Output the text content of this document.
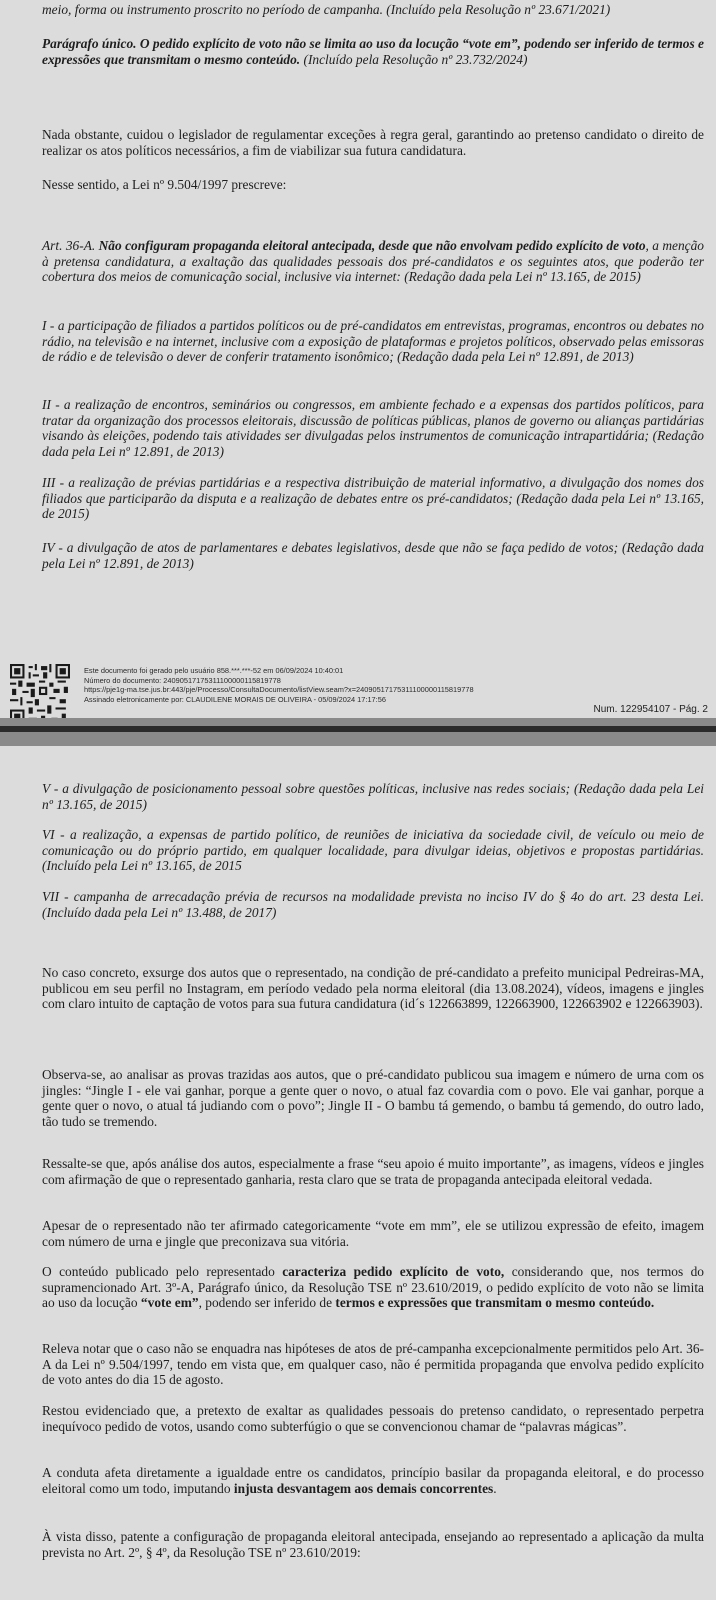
meio, forma ou instrumento proscrito no período de campanha. (Incluído pela Resolução nº 23.671/2021)

Parágrafo único. O pedido explícito de voto não se limita ao uso da locução “vote em”, podendo ser inferido de termos e expressões que transmitam o mesmo conteúdo. (Incluído pela Resolução nº 23.732/2024)

Nada obstante, cuidou o legislador de regulamentar exceções à regra geral, garantindo ao pretenso candidato o direito de realizar os atos políticos necessários, a fim de viabilizar sua futura candidatura.

Nesse sentido, a Lei nº 9.504/1997 prescreve:

Art. 36-A. Não configuram propaganda eleitoral antecipada, desde que não envolvam pedido explícito de voto, a menção à pretensa candidatura, a exaltação das qualidades pessoais dos pré-candidatos e os seguintes atos, que poderão ter cobertura dos meios de comunicação social, inclusive via internet: (Redação dada pela Lei nº 13.165, de 2015)

I - a participação de filiados a partidos políticos ou de pré-candidatos em entrevistas, programas, encontros ou debates no rádio, na televisão e na internet, inclusive com a exposição de plataformas e projetos políticos, observado pelas emissoras de rádio e de televisão o dever de conferir tratamento isonômico; (Redação dada pela Lei nº 12.891, de 2013)

II - a realização de encontros, seminários ou congressos, em ambiente fechado e a expensas dos partidos políticos, para tratar da organização dos processos eleitorais, discussão de políticas públicas, planos de governo ou alianças partidárias visando às eleições, podendo tais atividades ser divulgadas pelos instrumentos de comunicação intrapartidária; (Redação dada pela Lei nº 12.891, de 2013)

III - a realização de prévias partidárias e a respectiva distribuição de material informativo, a divulgação dos nomes dos filiados que participarão da disputa e a realização de debates entre os pré-candidatos; (Redação dada pela Lei nº 13.165, de 2015)

IV - a divulgação de atos de parlamentares e debates legislativos, desde que não se faça pedido de votos; (Redação dada pela Lei nº 12.891, de 2013)

Este documento foi gerado pelo usuário 858.***.***-52 em 06/09/2024 10:40:01
Número do documento: 24090517175311100000115819778
https://pje1g-ma.tse.jus.br:443/pje/Processo/ConsultaDocumento/listView.seam?x=24090517175311100000115819778
Assinado eletronicamente por: CLAUDILENE MORAIS DE OLIVEIRA - 05/09/2024 17:17:56
Num. 122954107 - Pág. 2

V - a divulgação de posicionamento pessoal sobre questões políticas, inclusive nas redes sociais; (Redação dada pela Lei nº 13.165, de 2015)

VI - a realização, a expensas de partido político, de reuniões de iniciativa da sociedade civil, de veículo ou meio de comunicação ou do próprio partido, em qualquer localidade, para divulgar ideias, objetivos e propostas partidárias. (Incluído pela Lei nº 13.165, de 2015

VII - campanha de arrecadação prévia de recursos na modalidade prevista no inciso IV do § 4o do art. 23 desta Lei. (Incluído dada pela Lei nº 13.488, de 2017)

No caso concreto, exsurge dos autos que o representado, na condição de pré-candidato a prefeito municipal Pedreiras-MA, publicou em seu perfil no Instagram, em período vedado pela norma eleitoral (dia 13.08.2024), vídeos, imagens e jingles com claro intuito de captação de votos para sua futura candidatura (id´s 122663899, 122663900, 122663902 e 122663903).

Observa-se, ao analisar as provas trazidas aos autos, que o pré-candidato publicou sua imagem e número de urna com os jingles: “Jingle I - ele vai ganhar, porque a gente quer o novo, o atual faz covardia com o povo. Ele vai ganhar, porque a gente quer o novo, o atual tá judiando com o povo”; Jingle II - O bambu tá gemendo, o bambu tá gemendo, do outro lado, tão tudo se tremendo.

Ressalte-se que, após análise dos autos, especialmente a frase “seu apoio é muito importante”, as imagens, vídeos e jingles com afirmação de que o representado ganharia, resta claro que se trata de propaganda antecipada eleitoral vedada.

Apesar de o representado não ter afirmado categoricamente “vote em mm”, ele se utilizou expressão de efeito, imagem com número de urna e jingle que preconizava sua vitória.

O conteúdo publicado pelo representado caracteriza pedido explícito de voto, considerando que, nos termos do supramencionado Art. 3º-A, Parágrafo único, da Resolução TSE nº 23.610/2019, o pedido explícito de voto não se limita ao uso da locução “vote em”, podendo ser inferido de termos e expressões que transmitam o mesmo conteúdo.

Releva notar que o caso não se enquadra nas hipóteses de atos de pré-campanha excepcionalmente permitidos pelo Art. 36-A da Lei nº 9.504/1997, tendo em vista que, em qualquer caso, não é permitida propaganda que envolva pedido explícito de voto antes do dia 15 de agosto.

Restou evidenciado que, a pretexto de exaltar as qualidades pessoais do pretenso candidato, o representado perpetra inequívoco pedido de votos, usando como subterfúgio o que se convencionou chamar de “palavras mágicas”.

A conduta afeta diretamente a igualdade entre os candidatos, princípio basilar da propaganda eleitoral, e do processo eleitoral como um todo, imputando injusta desvantagem aos demais concorrentes.

À vista disso, patente a configuração de propaganda eleitoral antecipada, ensejando ao representado a aplicação da multa prevista no Art. 2º, § 4º, da Resolução TSE nº 23.610/2019:
